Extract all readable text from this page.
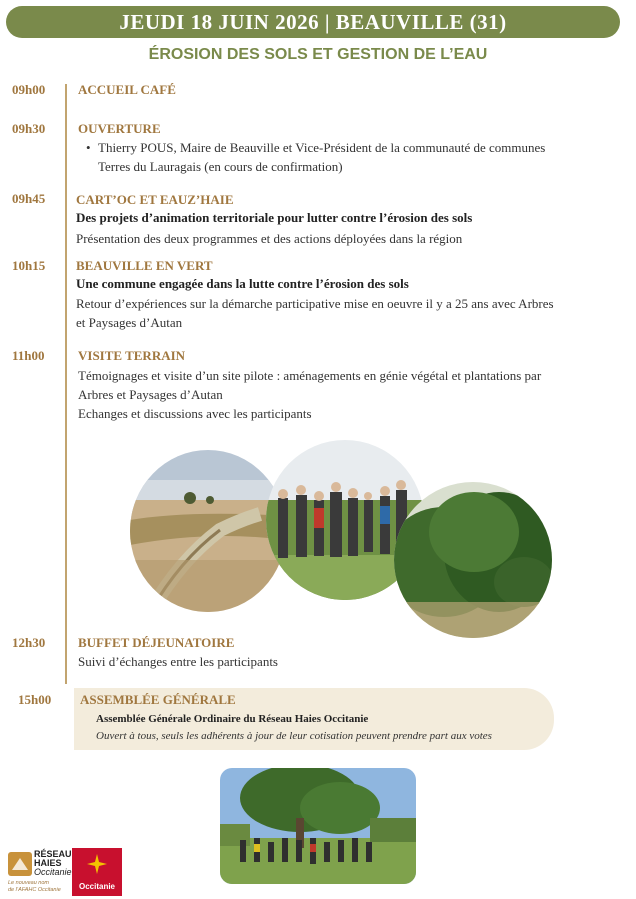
JEUDI 18 JUIN 2026 | BEAUVILLE (31)
ÉROSION DES SOLS ET GESTION DE L’EAU
09h00	ACCUEIL CAFÉ
09h30	OUVERTURE
• Thierry POUS, Maire de Beauville et Vice-Président de la communauté de communes
Terres du Lauragais (en cours de confirmation)
09h45 CART’OC ET EAUZ’HAIE
Des projets d’animation territoriale pour lutter contre l’érosion des sols
Présentation des deux programmes et des actions déployées dans la région
10h15 BEAUVILLE EN VERT
Une commune engagée dans la lutte contre l’érosion des sols
Retour d’expériences sur la démarche participative mise en oeuvre il y a 25 ans avec Arbres
et Paysages d’Autan
11h00	VISITE TERRAIN
Témoignages et visite d’un site pilote : aménagements en génie végétal et plantations par
Arbres et Paysages d’Autan
Echanges et discussions avec les participants
12h30	BUFFET DÉJEUNATOIRE
Suivi d’échanges entre les participants
15h00 ASSEMBLÉE GÉNÉRALE
Assemblée Générale Ordinaire du Réseau Haies Occitanie
Ouvert à tous, seuls les adhérents à jour de leur cotisation peuvent prendre part aux votes
RÉSEAU
HAIES
Occitanie
Le nouveau nom
de l’AFAHC Occitanie	Occitanie
